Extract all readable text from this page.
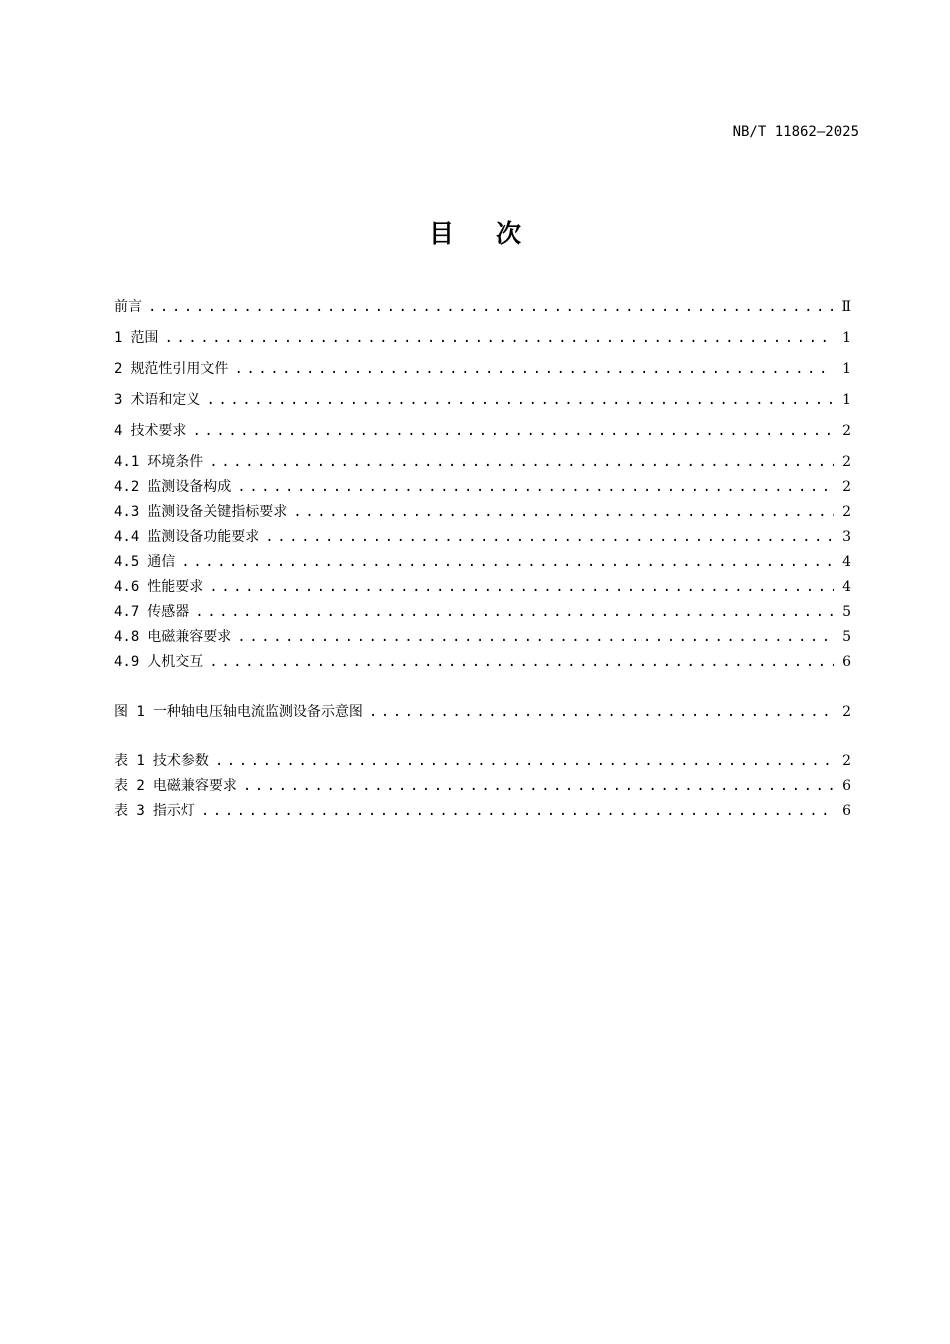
NB/T 11862—2025
目次
前言 .....	Ⅱ
1 范围 .....	1
2 规范性引用文件 .....	1
3 术语和定义 .....	1
4 技术要求 .....	2
4.1 环境条件 .....	2
4.2 监测设备构成 .....	2
4.3 监测设备关键指标要求 .....	2
4.4 监测设备功能要求 .....	3
4.5 通信 .....	4
4.6 性能要求 .....	4
4.7 传感器 .....	5
4.8 电磁兼容要求 .....	5
4.9 人机交互 .....	6
图 1 一种轴电压轴电流监测设备示意图 .....	2
表 1 技术参数 .....	2
表 2 电磁兼容要求 .....	6
表 3 指示灯 .....	6
